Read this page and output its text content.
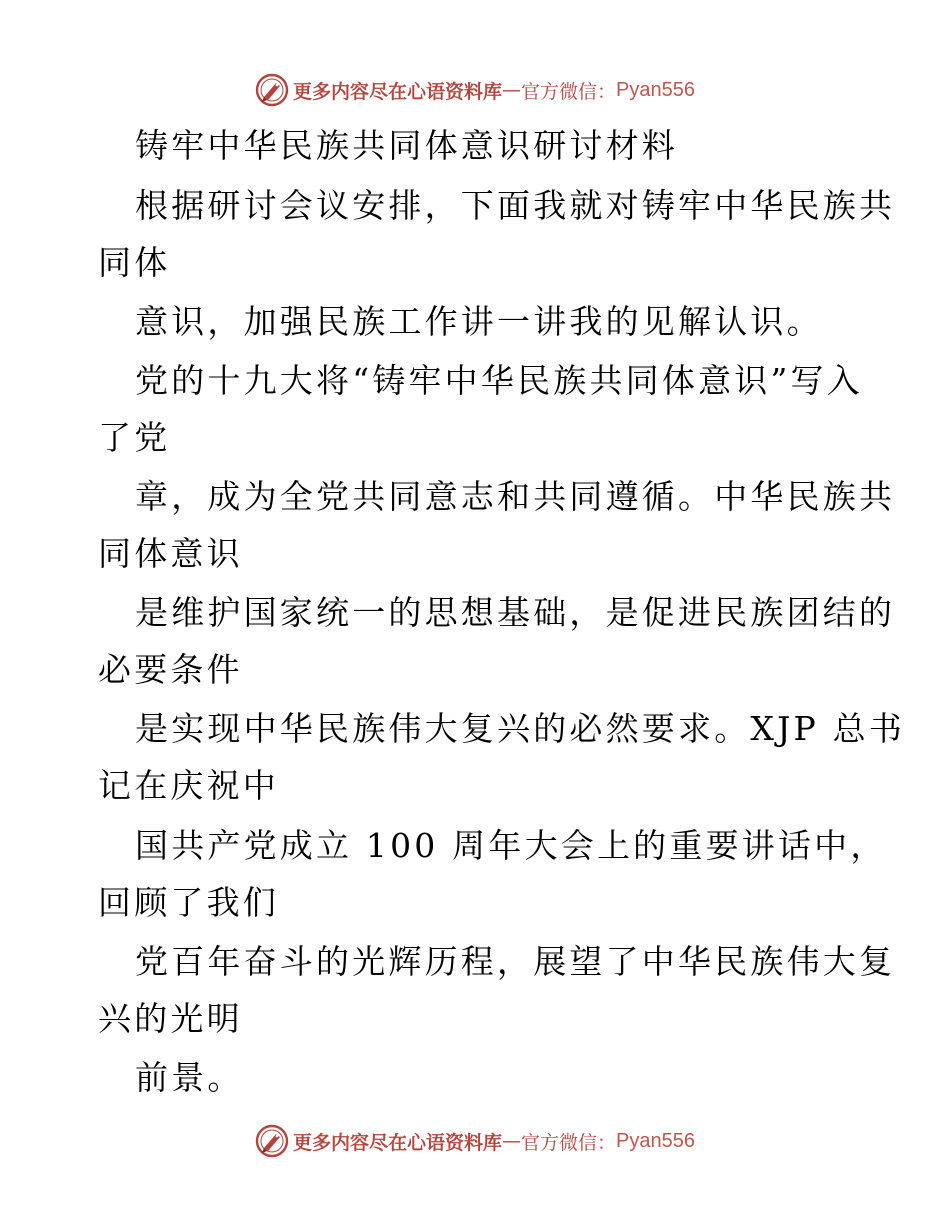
更多内容尽在心语资料库 — 官方微信： Pyan556
铸牢中华民族共同体意识研讨材料
根据研讨会议安排，下面我就对铸牢中华民族共
同体
意识，加强民族工作讲一讲我的见解认识。
党的十九大将“铸牢中华民族共同体意识”写入
了党
章，成为全党共同意志和共同遵循。中华民族共
同体意识
是维护国家统一的思想基础，是促进民族团结的
必要条件
是实现中华民族伟大复兴的必然要求。XJP 总书
记在庆祝中
国共产党成立 100 周年大会上的重要讲话中，
回顾了我们
党百年奋斗的光辉历程，展望了中华民族伟大复
兴的光明
前景。
更多内容尽在心语资料库 — 官方微信： Pyan556
